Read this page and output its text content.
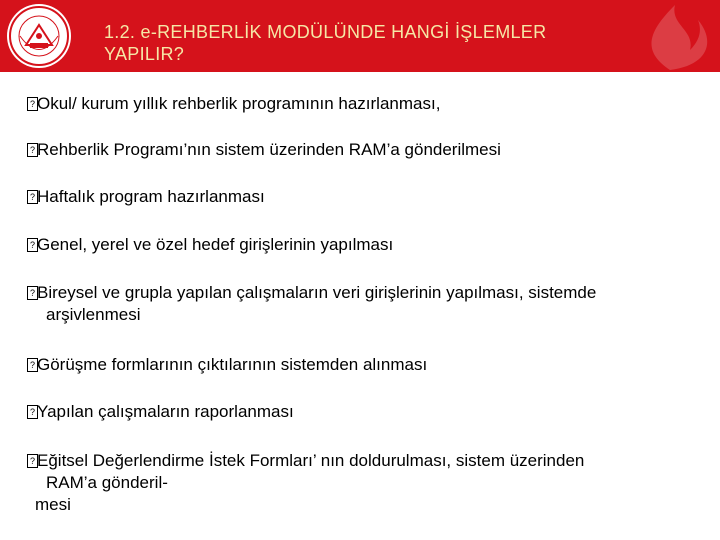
1.2. e-REHBERLİK MODÜLÜNDE HANGİ İŞLEMLER
YAPILIR?
? Okul/ kurum yıllık rehberlik programının hazırlanması,
? Rehberlik Programı’nın sistem üzerinden RAM’a gönderilmesi
? Haftalık program hazırlanması
? Genel, yerel ve özel hedef girişlerinin yapılması
? Bireysel ve grupla yapılan çalışmaların veri girişlerinin yapılması, sistemde
arşivlenmesi
? Görüşme formlarının çıktılarının sistemden alınması
? Yapılan çalışmaların raporlanması
? Eğitsel Değerlendirme İstek Formları’ nın doldurulması, sistem üzerinden
RAM’a gönderil-
mesi
